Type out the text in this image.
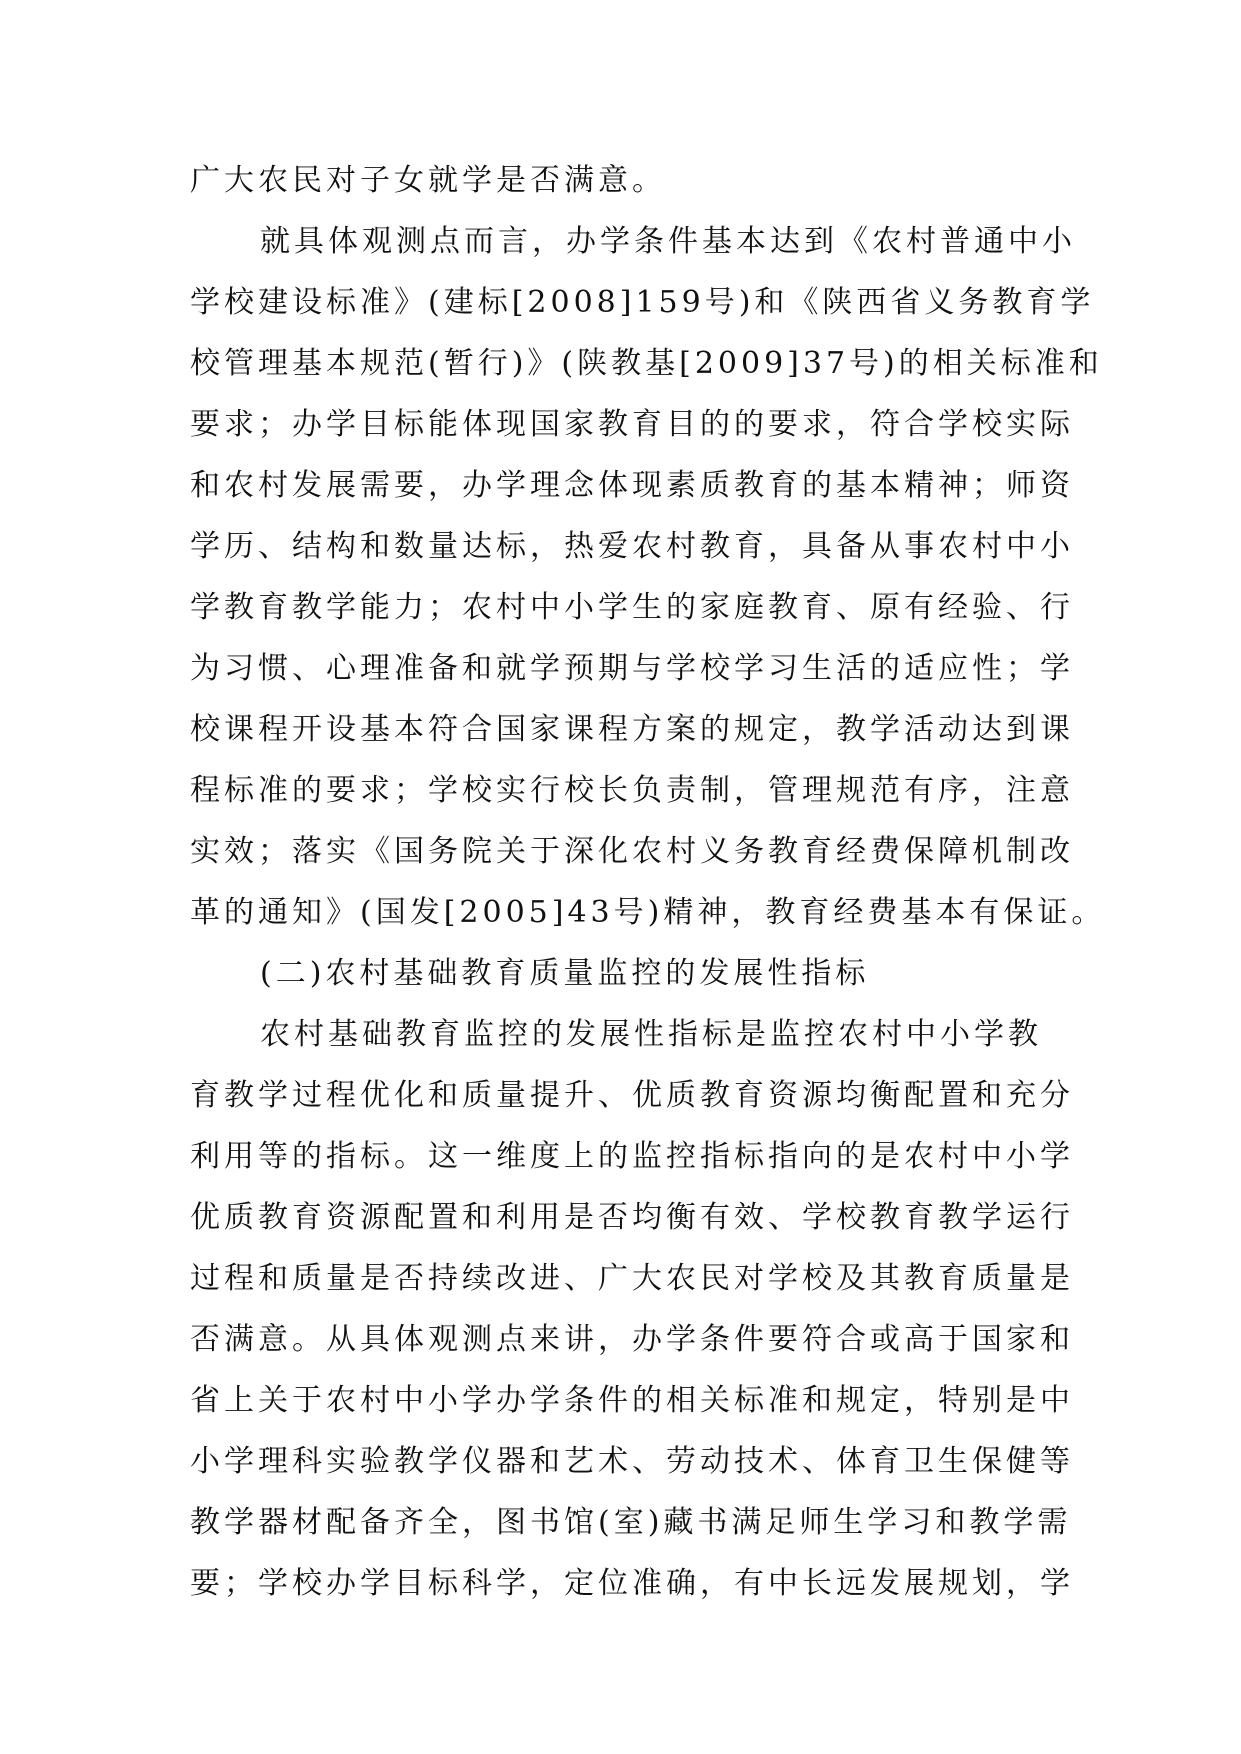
广大农民对子女就学是否满意。
就具体观测点而言，办学条件基本达到《农村普通中小
学校建设标准》(建标[2008]159号)和《陕西省义务教育学
校管理基本规范(暂行)》(陕教基[2009]37号)的相关标准和
要求；办学目标能体现国家教育目的的要求，符合学校实际
和农村发展需要，办学理念体现素质教育的基本精神；师资
学历、结构和数量达标，热爱农村教育，具备从事农村中小
学教育教学能力；农村中小学生的家庭教育、原有经验、行
为习惯、心理准备和就学预期与学校学习生活的适应性；学
校课程开设基本符合国家课程方案的规定，教学活动达到课
程标准的要求；学校实行校长负责制，管理规范有序，注意
实效；落实《国务院关于深化农村义务教育经费保障机制改
革的通知》(国发[2005]43号)精神，教育经费基本有保证。
(二)农村基础教育质量监控的发展性指标
农村基础教育监控的发展性指标是监控农村中小学教
育教学过程优化和质量提升、优质教育资源均衡配置和充分
利用等的指标。这一维度上的监控指标指向的是农村中小学
优质教育资源配置和利用是否均衡有效、学校教育教学运行
过程和质量是否持续改进、广大农民对学校及其教育质量是
否满意。从具体观测点来讲，办学条件要符合或高于国家和
省上关于农村中小学办学条件的相关标准和规定，特别是中
小学理科实验教学仪器和艺术、劳动技术、体育卫生保健等
教学器材配备齐全，图书馆(室)藏书满足师生学习和教学需
要；学校办学目标科学，定位准确，有中长远发展规划，学
